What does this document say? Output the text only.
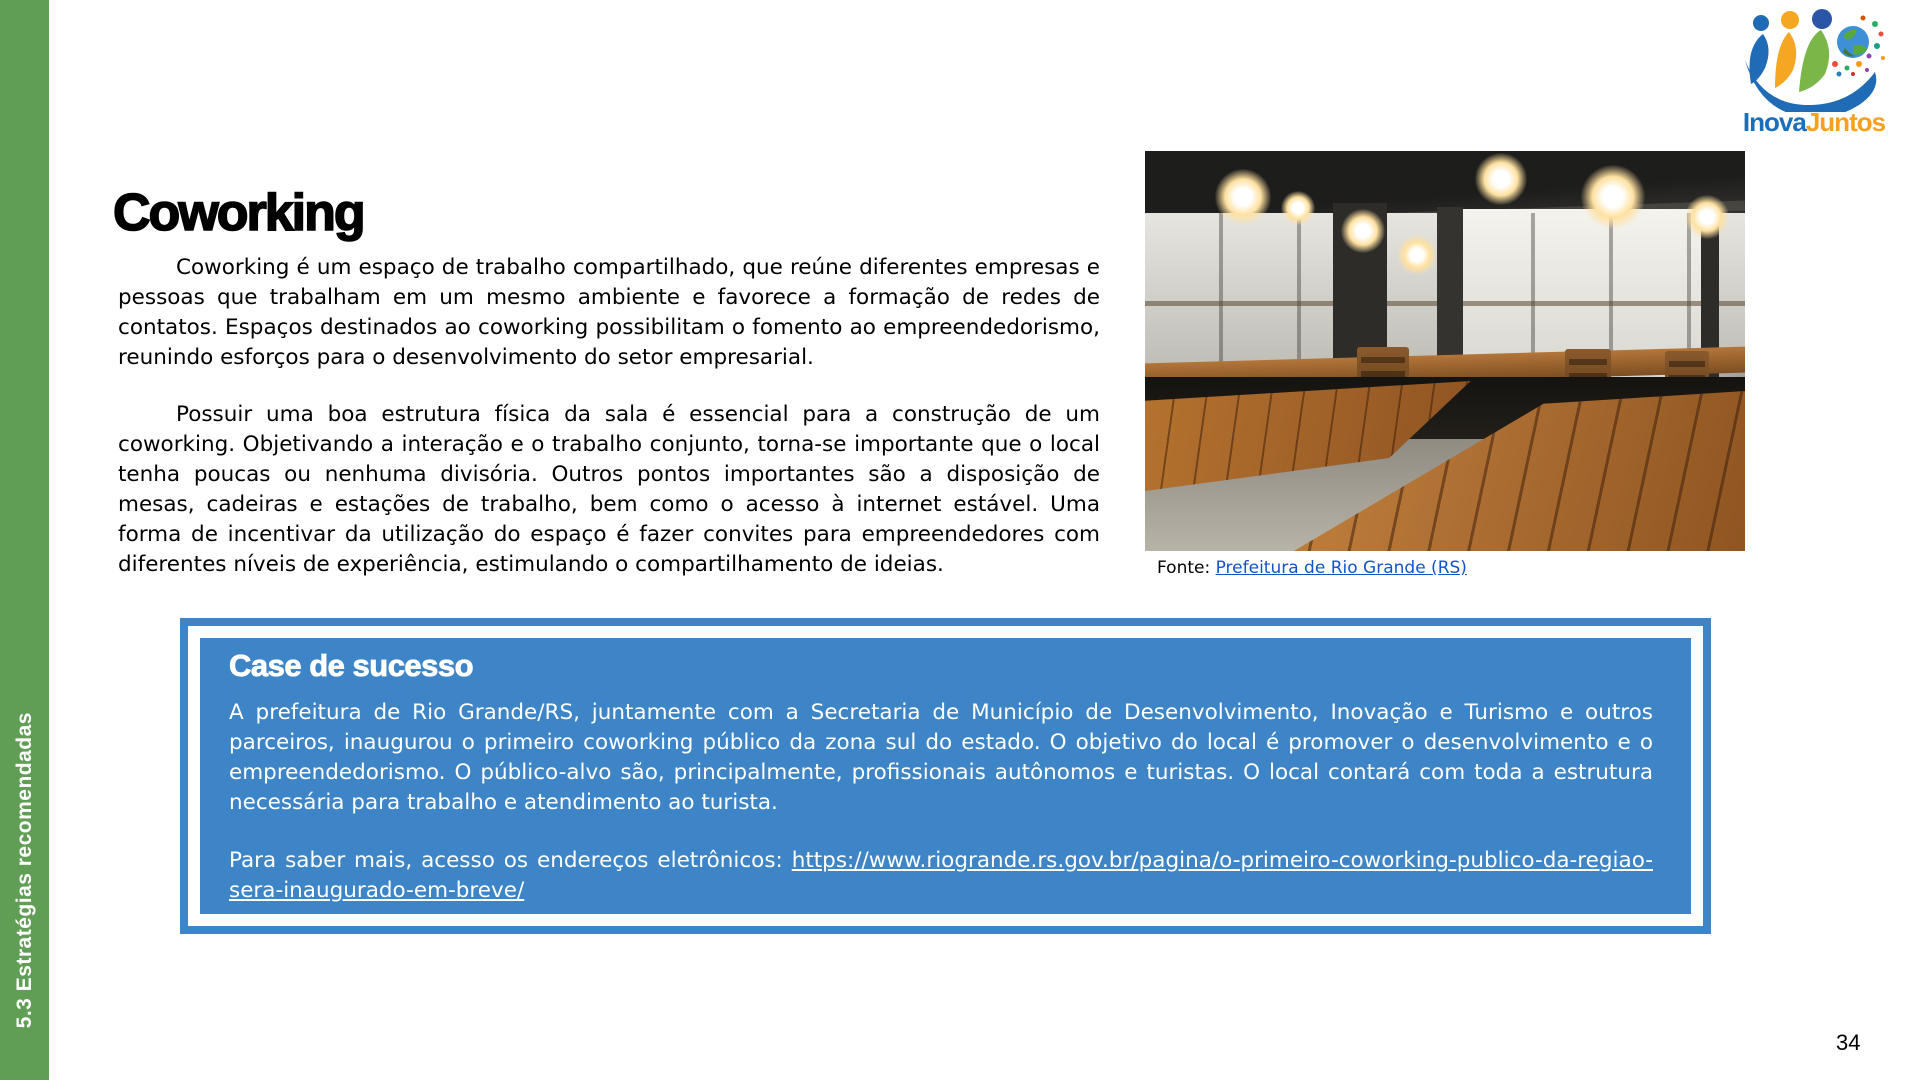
5.3 Estratégias recomendadas
InovaJuntos
Coworking

Coworking é um espaço de trabalho compartilhado, que reúne diferentes empresas e pessoas que trabalham em um mesmo ambiente e favorece a formação de redes de contatos. Espaços destinados ao coworking possibilitam o fomento ao empreendedorismo, reunindo esforços para o desenvolvimento do setor empresarial.

Possuir uma boa estrutura física da sala é essencial para a construção de um coworking. Objetivando a interação e o trabalho conjunto, torna-se importante que o local tenha poucas ou nenhuma divisória. Outros pontos importantes são a disposição de mesas, cadeiras e estações de trabalho, bem como o acesso à internet estável. Uma forma de incentivar da utilização do espaço é fazer convites para empreendedores com diferentes níveis de experiência, estimulando o compartilhamento de ideias.	Fonte: Prefeitura de Rio Grande (RS)
Case de sucesso

A prefeitura de Rio Grande/RS, juntamente com a Secretaria de Município de Desenvolvimento, Inovação e Turismo e outros parceiros, inaugurou o primeiro coworking público da zona sul do estado. O objetivo do local é promover o desenvolvimento e o empreendedorismo. O público-alvo são, principalmente, profissionais autônomos e turistas. O local contará com toda a estrutura necessária para trabalho e atendimento ao turista.

Para saber mais, acesso os endereços eletrônicos: https://www.riogrande.rs.gov.br/pagina/o-primeiro-coworking-publico-da-regiao-sera-inaugurado-em-breve/

34
